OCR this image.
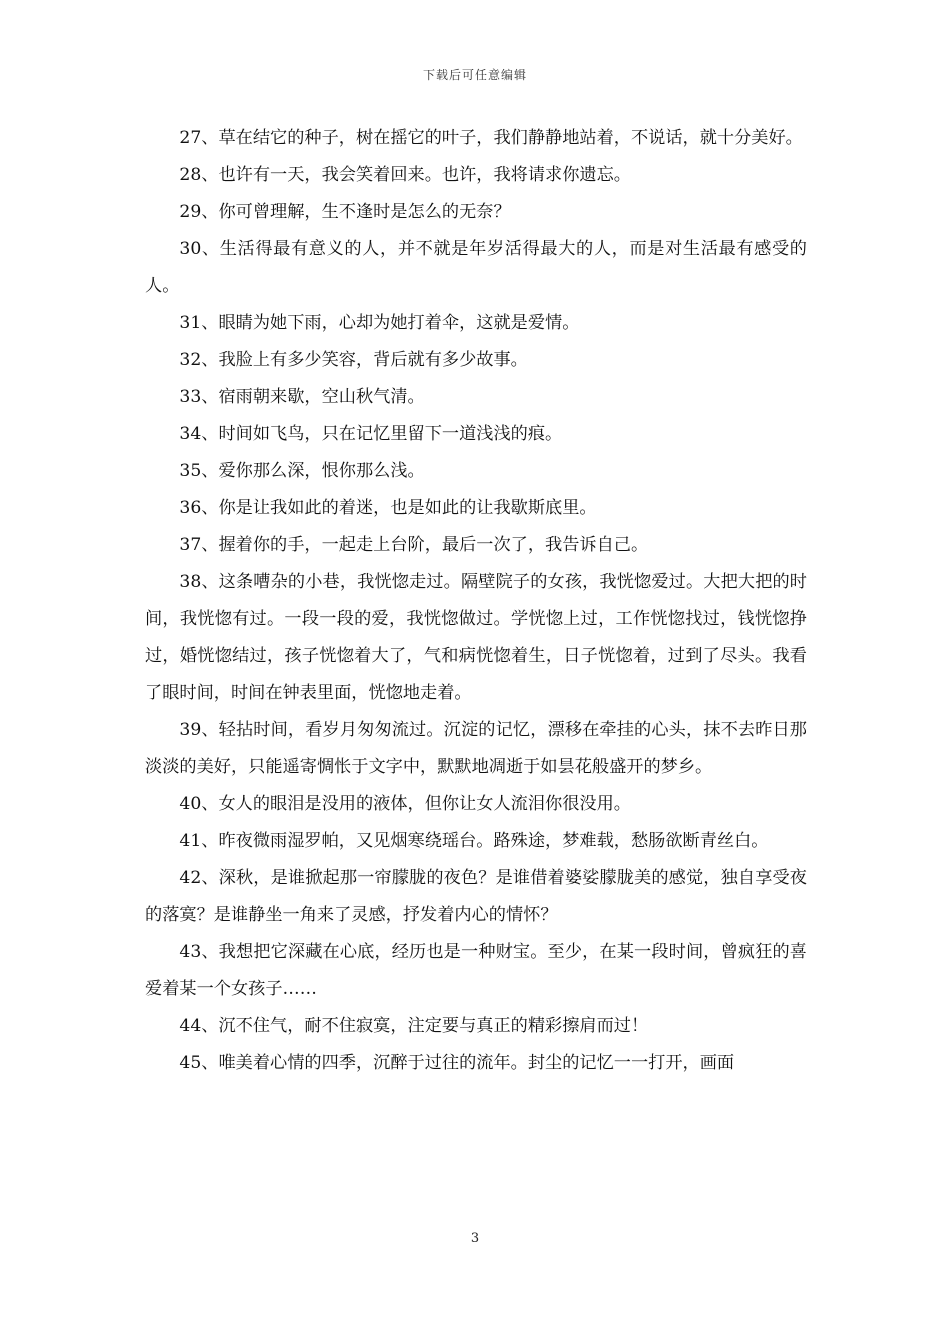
下载后可任意编辑

27、草在结它的种子，树在摇它的叶子，我们静静地站着，不说话，就十分美好。

28、也许有一天，我会笑着回来。也许，我将请求你遗忘。

29、你可曾理解，生不逢时是怎么的无奈？

30、生活得最有意义的人，并不就是年岁活得最大的人，而是对生活最有感受的人。

31、眼睛为她下雨，心却为她打着伞，这就是爱情。

32、我脸上有多少笑容，背后就有多少故事。

33、宿雨朝来歇，空山秋气清。

34、时间如飞鸟，只在记忆里留下一道浅浅的痕。

35、爱你那么深，恨你那么浅。

36、你是让我如此的着迷，也是如此的让我歇斯底里。

37、握着你的手，一起走上台阶，最后一次了，我告诉自己。

38、这条嘈杂的小巷，我恍惚走过。隔壁院子的女孩，我恍惚爱过。大把大把的时间，我恍惚有过。一段一段的爱，我恍惚做过。学恍惚上过，工作恍惚找过，钱恍惚挣过，婚恍惚结过，孩子恍惚着大了，气和病恍惚着生，日子恍惚着，过到了尽头。我看了眼时间，时间在钟表里面，恍惚地走着。

39、轻拈时间，看岁月匆匆流过。沉淀的记忆，漂移在牵挂的心头，抹不去昨日那淡淡的美好，只能遥寄惆怅于文字中，默默地凋逝于如昙花般盛开的梦乡。

40、女人的眼泪是没用的液体，但你让女人流泪你很没用。

41、昨夜微雨湿罗帕，又见烟寒绕瑶台。路殊途，梦难载，愁肠欲断青丝白。

42、深秋，是谁掀起那一帘朦胧的夜色？是谁借着婆娑朦胧美的感觉，独自享受夜的落寞？是谁静坐一角来了灵感，抒发着内心的情怀？

43、我想把它深藏在心底，经历也是一种财宝。至少，在某一段时间，曾疯狂的喜爱着某一个女孩子……

44、沉不住气，耐不住寂寞，注定要与真正的精彩擦肩而过！

45、唯美着心情的四季，沉醉于过往的流年。封尘的记忆一一打开，画面

3
